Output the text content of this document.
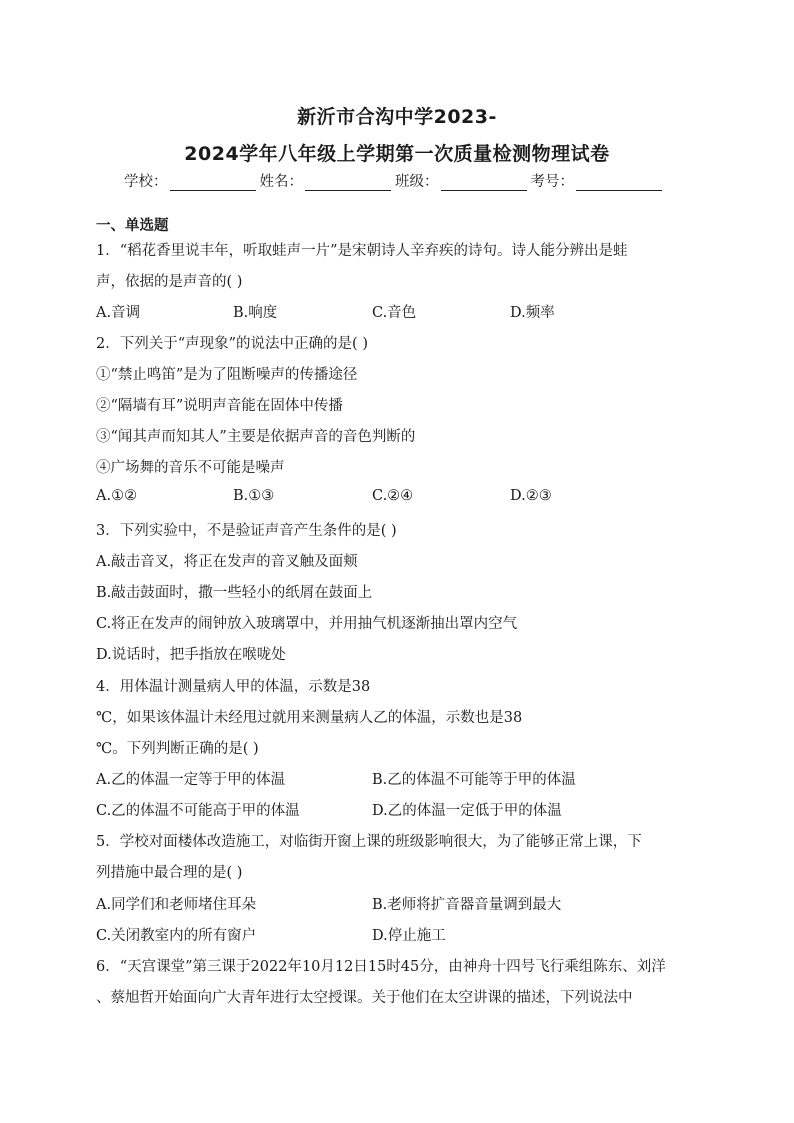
新沂市合沟中学2023-
2024学年八年级上学期第一次质量检测物理试卷
学校：	姓名：	班级：	考号：
一、单选题
1．“稻花香里说丰年，听取蛙声一片”是宋朝诗人辛弃疾的诗句。诗人能分辨出是蛙
声，依据的是声音的( )
A.音调	B.响度	C.音色	D.频率
2．下列关于“声现象”的说法中正确的是( )
①“禁止鸣笛”是为了阻断噪声的传播途径
②“隔墙有耳”说明声音能在固体中传播
③“闻其声而知其人”主要是依据声音的音色判断的
④广场舞的音乐不可能是噪声
A.①②	B.①③	C.②④	D.②③
3．下列实验中，不是验证声音产生条件的是( )
A.敲击音叉，将正在发声的音叉触及面颊
B.敲击鼓面时，撒一些轻小的纸屑在鼓面上
C.将正在发声的闹钟放入玻璃罩中，并用抽气机逐渐抽出罩内空气
D.说话时，把手指放在喉咙处
4．用体温计测量病人甲的体温，示数是38
℃，如果该体温计未经甩过就用来测量病人乙的体温，示数也是38
℃。下列判断正确的是( )
A.乙的体温一定等于甲的体温	B.乙的体温不可能等于甲的体温
C.乙的体温不可能高于甲的体温	D.乙的体温一定低于甲的体温
5．学校对面楼体改造施工，对临街开窗上课的班级影响很大，为了能够正常上课，下
列措施中最合理的是( )
A.同学们和老师堵住耳朵	B.老师将扩音器音量调到最大
C.关闭教室内的所有窗户	D.停止施工
6．“天宫课堂”第三课于2022年10月12日15时45分，由神舟十四号飞行乘组陈东、刘洋
、蔡旭哲开始面向广大青年进行太空授课。关于他们在太空讲课的描述，下列说法中
